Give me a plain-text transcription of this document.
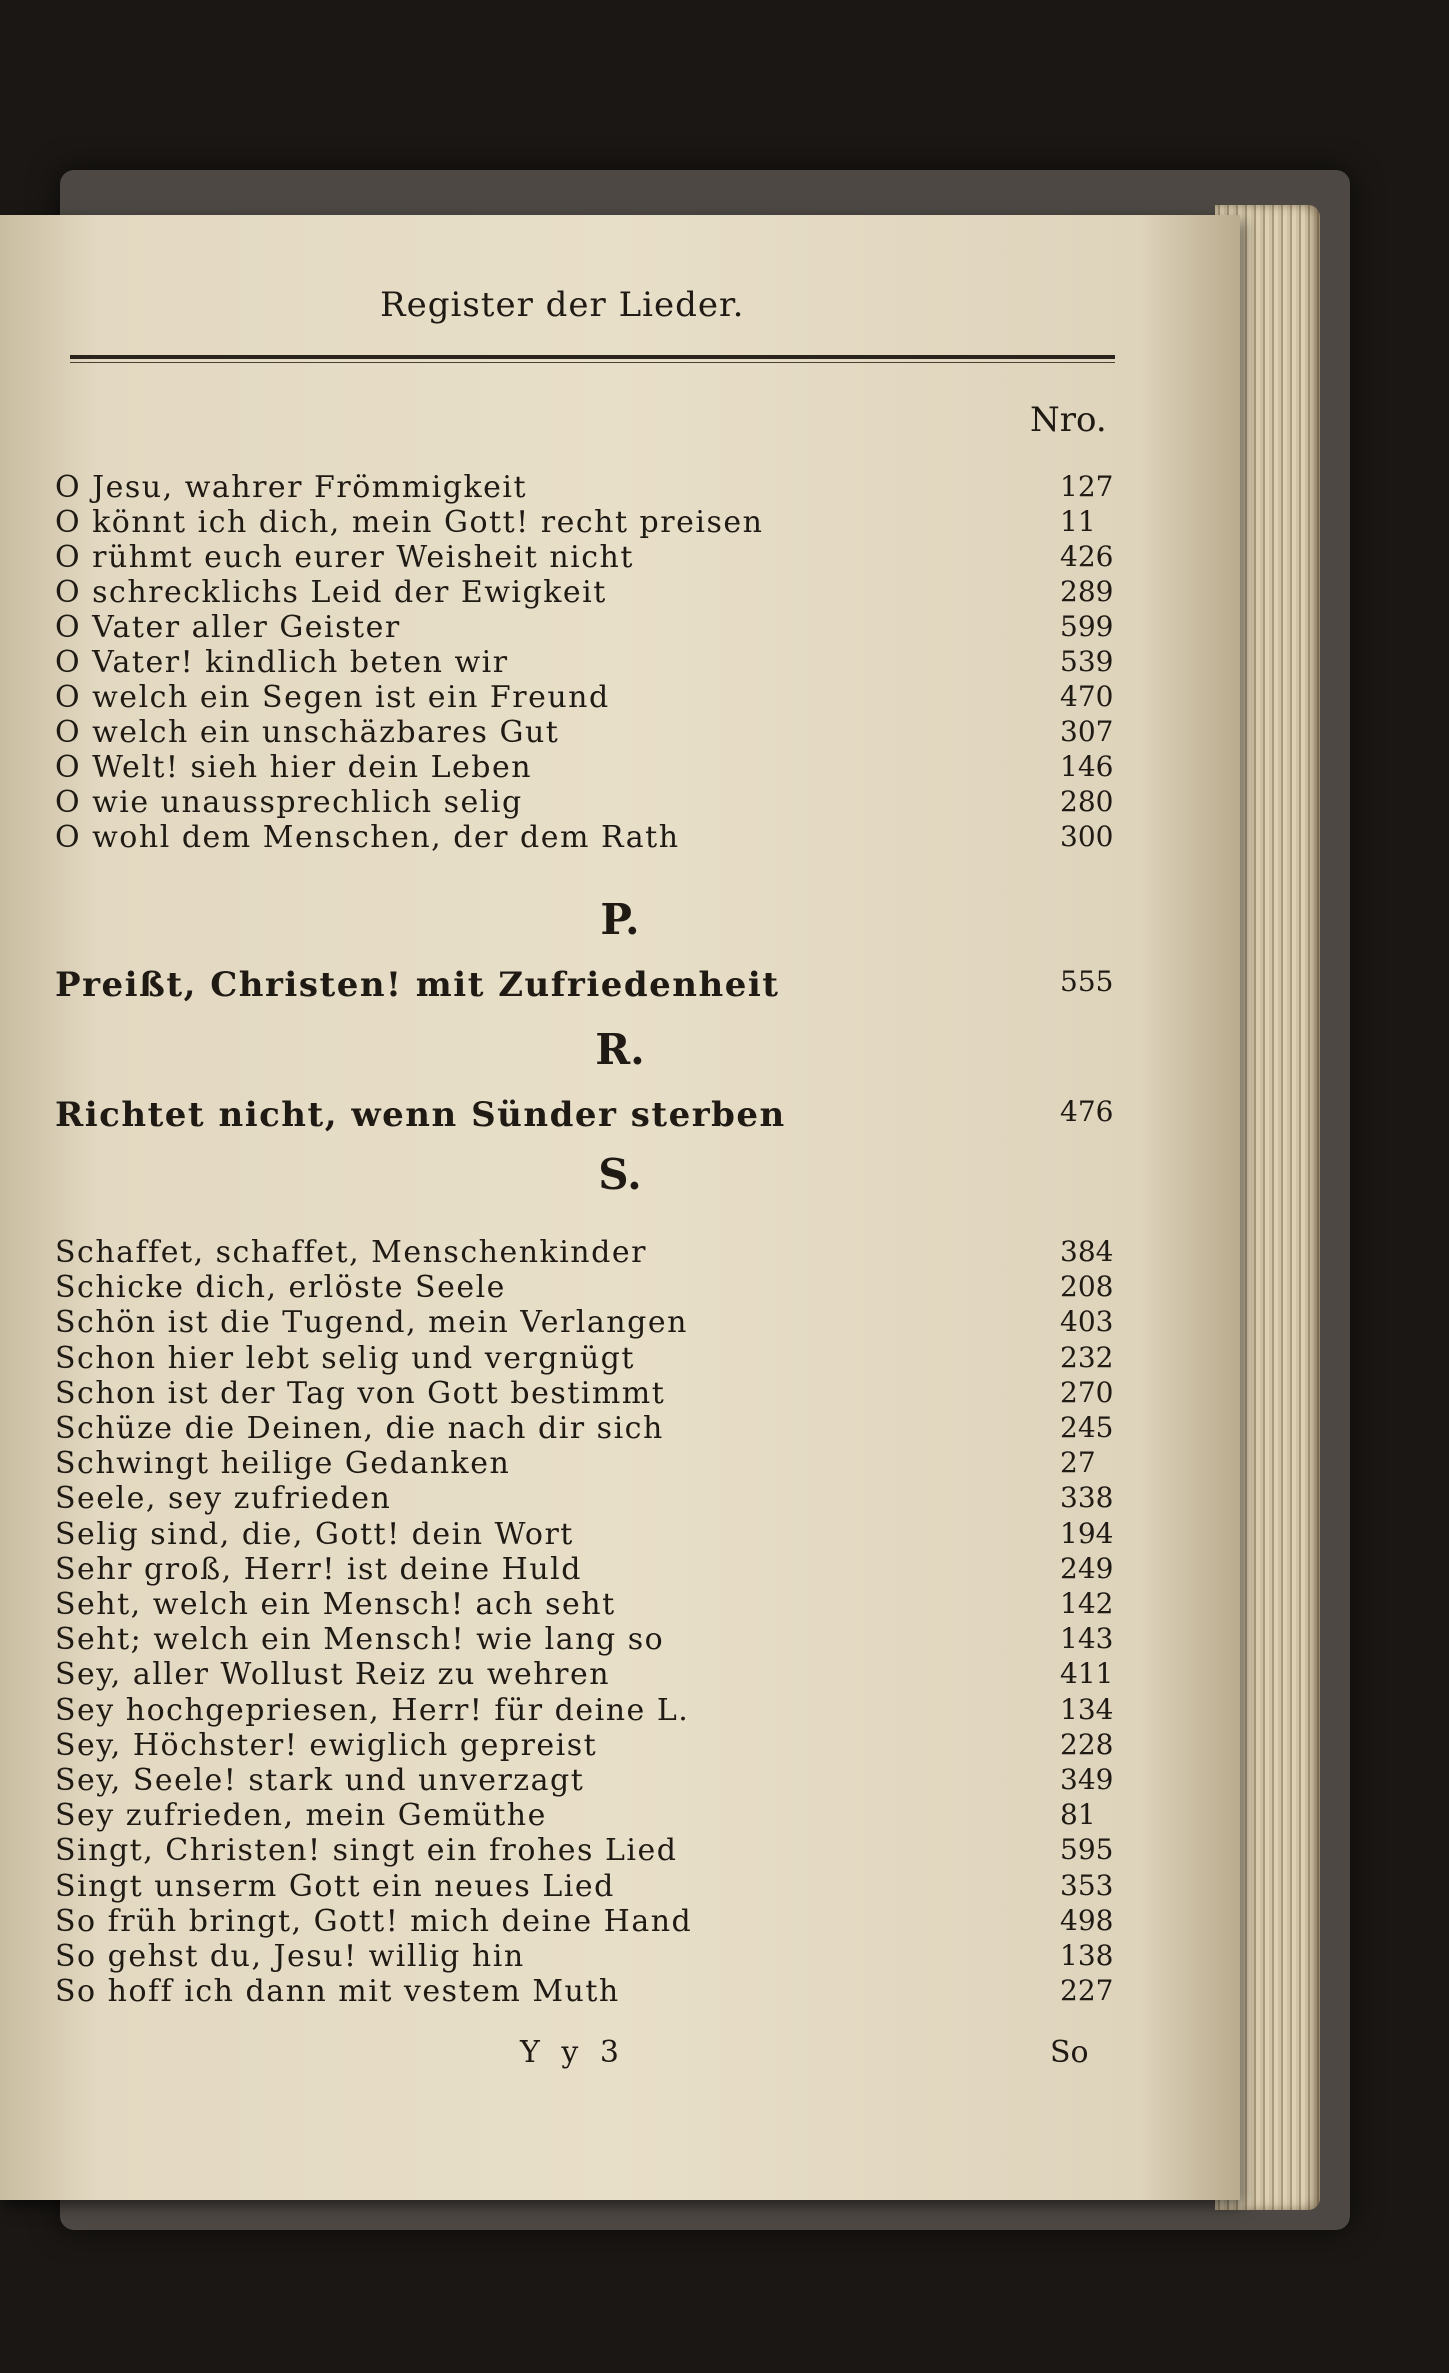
Register der Lieder.
Nro.
O Jesu, wahrer Frömmigkeit	127
O könnt ich dich, mein Gott! recht preisen	11
O rühmt euch eurer Weisheit nicht	426
O schrecklichs Leid der Ewigkeit	289
O Vater aller Geister	599
O Vater! kindlich beten wir	539
O welch ein Segen ist ein Freund	470
O welch ein unschäzbares Gut	307
O Welt! sieh hier dein Leben	146
O wie unaussprechlich selig	280
O wohl dem Menschen, der dem Rath	300
P.
Preißt, Christen! mit Zufriedenheit	555
R.
Richtet nicht, wenn Sünder sterben	476
S.
Schaffet, schaffet, Menschenkinder	384
Schicke dich, erlöste Seele	208
Schön ist die Tugend, mein Verlangen	403
Schon hier lebt selig und vergnügt	232
Schon ist der Tag von Gott bestimmt	270
Schüze die Deinen, die nach dir sich	245
Schwingt heilige Gedanken	27
Seele, sey zufrieden	338
Selig sind, die, Gott! dein Wort	194
Sehr groß, Herr! ist deine Huld	249
Seht, welch ein Mensch! ach seht	142
Seht; welch ein Mensch! wie lang so	143
Sey, aller Wollust Reiz zu wehren	411
Sey hochgepriesen, Herr! für deine L.	134
Sey, Höchster! ewiglich gepreist	228
Sey, Seele! stark und unverzagt	349
Sey zufrieden, mein Gemüthe	81
Singt, Christen! singt ein frohes Lied	595
Singt unserm Gott ein neues Lied	353
So früh bringt, Gott! mich deine Hand	498
So gehst du, Jesu! willig hin	138
So hoff ich dann mit vestem Muth	227
Y y 3	So
